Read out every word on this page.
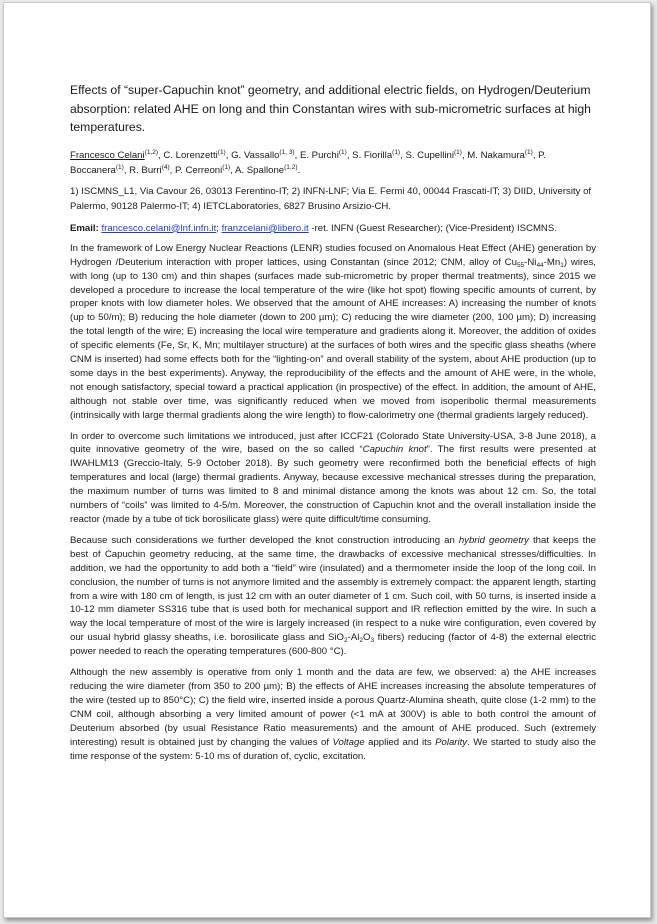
Effects of “super-Capuchin knot” geometry, and additional electric fields, on Hydrogen/Deuterium absorption: related AHE on long and thin Constantan wires with sub-micrometric surfaces at high temperatures.

Francesco Celani$^{(1,2)}$, C. Lorenzetti$^{(1)}$, G. Vassallo$^{(1, 3)}$, E. Purchi$^{(1)}$, S. Fiorilla$^{(1)}$, S. Cupellini$^{(1)}$, M. Nakamura$^{(1)}$, P. Boccanera$^{(1)}$, R. Burri$^{(4)}$, P. Cerreoni$^{(1)}$, A. Spallone$^{(1,2)}$.

1) ISCMNS_L1, Via Cavour 26, 03013 Ferentino-IT; 2) INFN-LNF; Via E. Fermi 40, 00044 Frascati-IT; 3) DIID, University of Palermo, 90128 Palermo-IT; 4) IETCLaboratories, 6827 Brusino Arsizio-CH.

Email: francesco.celani@lnf.infn.it; franzcelani@libero.it -ret. INFN (Guest Researcher); (Vice-President) ISCMNS.

In the framework of Low Energy Nuclear Reactions (LENR) studies focused on Anomalous Heat Effect (AHE) generation by Hydrogen /Deuterium interaction with proper lattices, using Constantan (since 2012; CNM, alloy of $Cu_{55}-Ni_{44}-Mn_1$) wires, with long (up to 130 cm) and thin shapes (surfaces made sub-micrometric by proper thermal treatments), since 2015 we developed a procedure to increase the local temperature of the wire (like hot spot) flowing specific amounts of current, by proper knots with low diameter holes. We observed that the amount of AHE increases: A) increasing the number of knots (up to 50/m); B) reducing the hole diameter (down to 200 µm); C) reducing the wire diameter (200, 100 µm); D) increasing the total length of the wire; E) increasing the local wire temperature and gradients along it. Moreover, the addition of oxides of specific elements (Fe, Sr, K, Mn; multilayer structure) at the surfaces of both wires and the specific glass sheaths (where CNM is inserted) had some effects both for the “lighting-on” and overall stability of the system, about AHE production (up to some days in the best experiments). Anyway, the reproducibility of the effects and the amount of AHE were, in the whole, not enough satisfactory, special toward a practical application (in prospective) of the effect. In addition, the amount of AHE, although not stable over time, was significantly reduced when we moved from isoperibolic thermal measurements (intrinsically with large thermal gradients along the wire length) to flow-calorimetry one (thermal gradients largely reduced).

In order to overcome such limitations we introduced, just after ICCF21 (Colorado State University-USA, 3-8 June 2018), a quite innovative geometry of the wire, based on the so called “Capuchin knot”. The first results were presented at IWAHLM13 (Greccio-Italy, 5-9 October 2018). By such geometry were reconfirmed both the beneficial effects of high temperatures and local (large) thermal gradients. Anyway, because excessive mechanical stresses during the preparation, the maximum number of turns was limited to 8 and minimal distance among the knots was about 12 cm. So, the total numbers of “coils” was limited to 4-5/m. Moreover, the construction of Capuchin knot and the overall installation inside the reactor (made by a tube of tick borosilicate glass) were quite difficult/time consuming.

Because such considerations we further developed the knot construction introducing an hybrid geometry that keeps the best of Capuchin geometry reducing, at the same time, the drawbacks of excessive mechanical stresses/difficulties. In addition, we had the opportunity to add both a “field” wire (insulated) and a thermometer inside the loop of the long coil. In conclusion, the number of turns is not anymore limited and the assembly is extremely compact: the apparent length, starting from a wire with 180 cm of length, is just 12 cm with an outer diameter of 1 cm. Such coil, with 50 turns, is inserted inside a 10-12 mm diameter SS316 tube that is used both for mechanical support and IR reflection emitted by the wire. In such a way the local temperature of most of the wire is largely increased (in respect to a nuke wire configuration, even covered by our usual hybrid glassy sheaths, i.e. borosilicate glass and $SiO_2-Al_2O_3$ fibers) reducing (factor of 4-8) the external electric power needed to reach the operating temperatures (600-800 °C).

Although the new assembly is operative from only 1 month and the data are few, we observed: a) the AHE increases reducing the wire diameter (from 350 to 200 µm); B) the effects of AHE increases increasing the absolute temperatures of the wire (tested up to 850°C); C) the field wire, inserted inside a porous Quartz-Alumina sheath, quite close (1-2 mm) to the CNM coil, although absorbing a very limited amount of power (<1 mA at 300V) is able to both control the amount of Deuterium absorbed (by usual Resistance Ratio measurements) and the amount of AHE produced. Such (extremely interesting) result is obtained just by changing the values of Voltage applied and its Polarity. We started to study also the time response of the system: 5-10 ms of duration of, cyclic, excitation.
